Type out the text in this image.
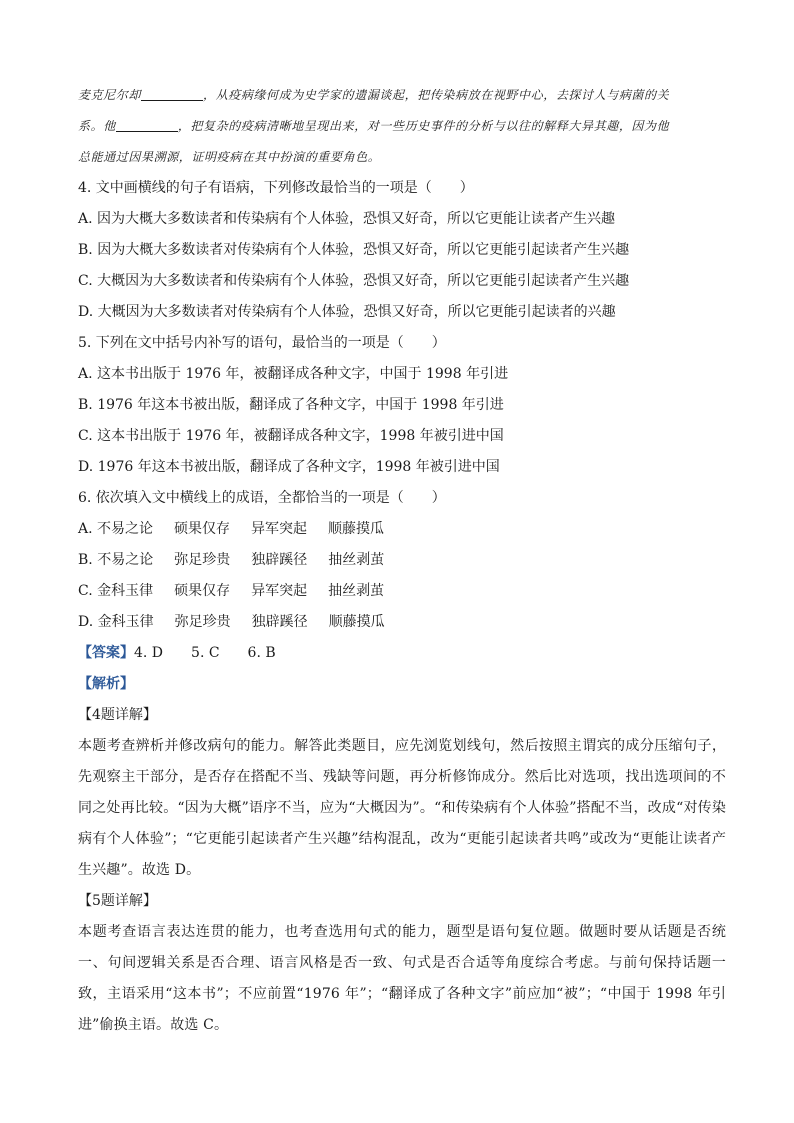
麦克尼尔却	，从疫病缘何成为史学家的遗漏谈起，把传染病放在视野中心，去探讨人与病菌的关
系。他	，把复杂的疫病清晰地呈现出来，对一些历史事件的分析与以往的解释大异其趣，因为他
总能通过因果溯源，证明疫病在其中扮演的重要角色。
4. 文中画横线的句子有语病，下列修改最恰当的一项是（　　）
A. 因为大概大多数读者和传染病有个人体验，恐惧又好奇，所以它更能让读者产生兴趣
B. 因为大概大多数读者对传染病有个人体验，恐惧又好奇，所以它更能引起读者产生兴趣
C. 大概因为大多数读者和传染病有个人体验，恐惧又好奇，所以它更能引起读者产生兴趣
D. 大概因为大多数读者对传染病有个人体验，恐惧又好奇，所以它更能引起读者的兴趣
5. 下列在文中括号内补写的语句，最恰当的一项是（　　）
A. 这本书出版于 1976 年，被翻译成各种文字，中国于 1998 年引进
B. 1976 年这本书被出版，翻译成了各种文字，中国于 1998 年引进
C. 这本书出版于 1976 年，被翻译成各种文字，1998 年被引进中国
D. 1976 年这本书被出版，翻译成了各种文字，1998 年被引进中国
6. 依次填入文中横线上的成语，全都恰当的一项是（　　）
A. 不易之论 硕果仅存 异军突起 顺藤摸瓜
B. 不易之论 弥足珍贵 独辟蹊径 抽丝剥茧
C. 金科玉律 硕果仅存 异军突起 抽丝剥茧
D. 金科玉律 弥足珍贵 独辟蹊径 顺藤摸瓜
【答案】4. D　　5. C　　6. B
【解析】
【4题详解】
本题考查辨析并修改病句的能力。解答此类题目，应先浏览划线句，然后按照主谓宾的成分压缩句子，先观察主干部分，是否存在搭配不当、残缺等问题，再分析修饰成分。然后比对选项，找出选项间的不同之处再比较。“因为大概”语序不当，应为“大概因为”。“和传染病有个人体验”搭配不当，改成“对传染病有个人体验”；“它更能引起读者产生兴趣”结构混乱，改为“更能引起读者共鸣”或改为“更能让读者产生兴趣”。故选 D。
【5题详解】
本题考查语言表达连贯的能力，也考查选用句式的能力，题型是语句复位题。做题时要从话题是否统一、句间逻辑关系是否合理、语言风格是否一致、句式是否合适等角度综合考虑。与前句保持话题一致，主语采用“这本书”；不应前置“1976 年”；“翻译成了各种文字”前应加“被”；“中国于 1998 年引进”偷换主语。故选 C。
